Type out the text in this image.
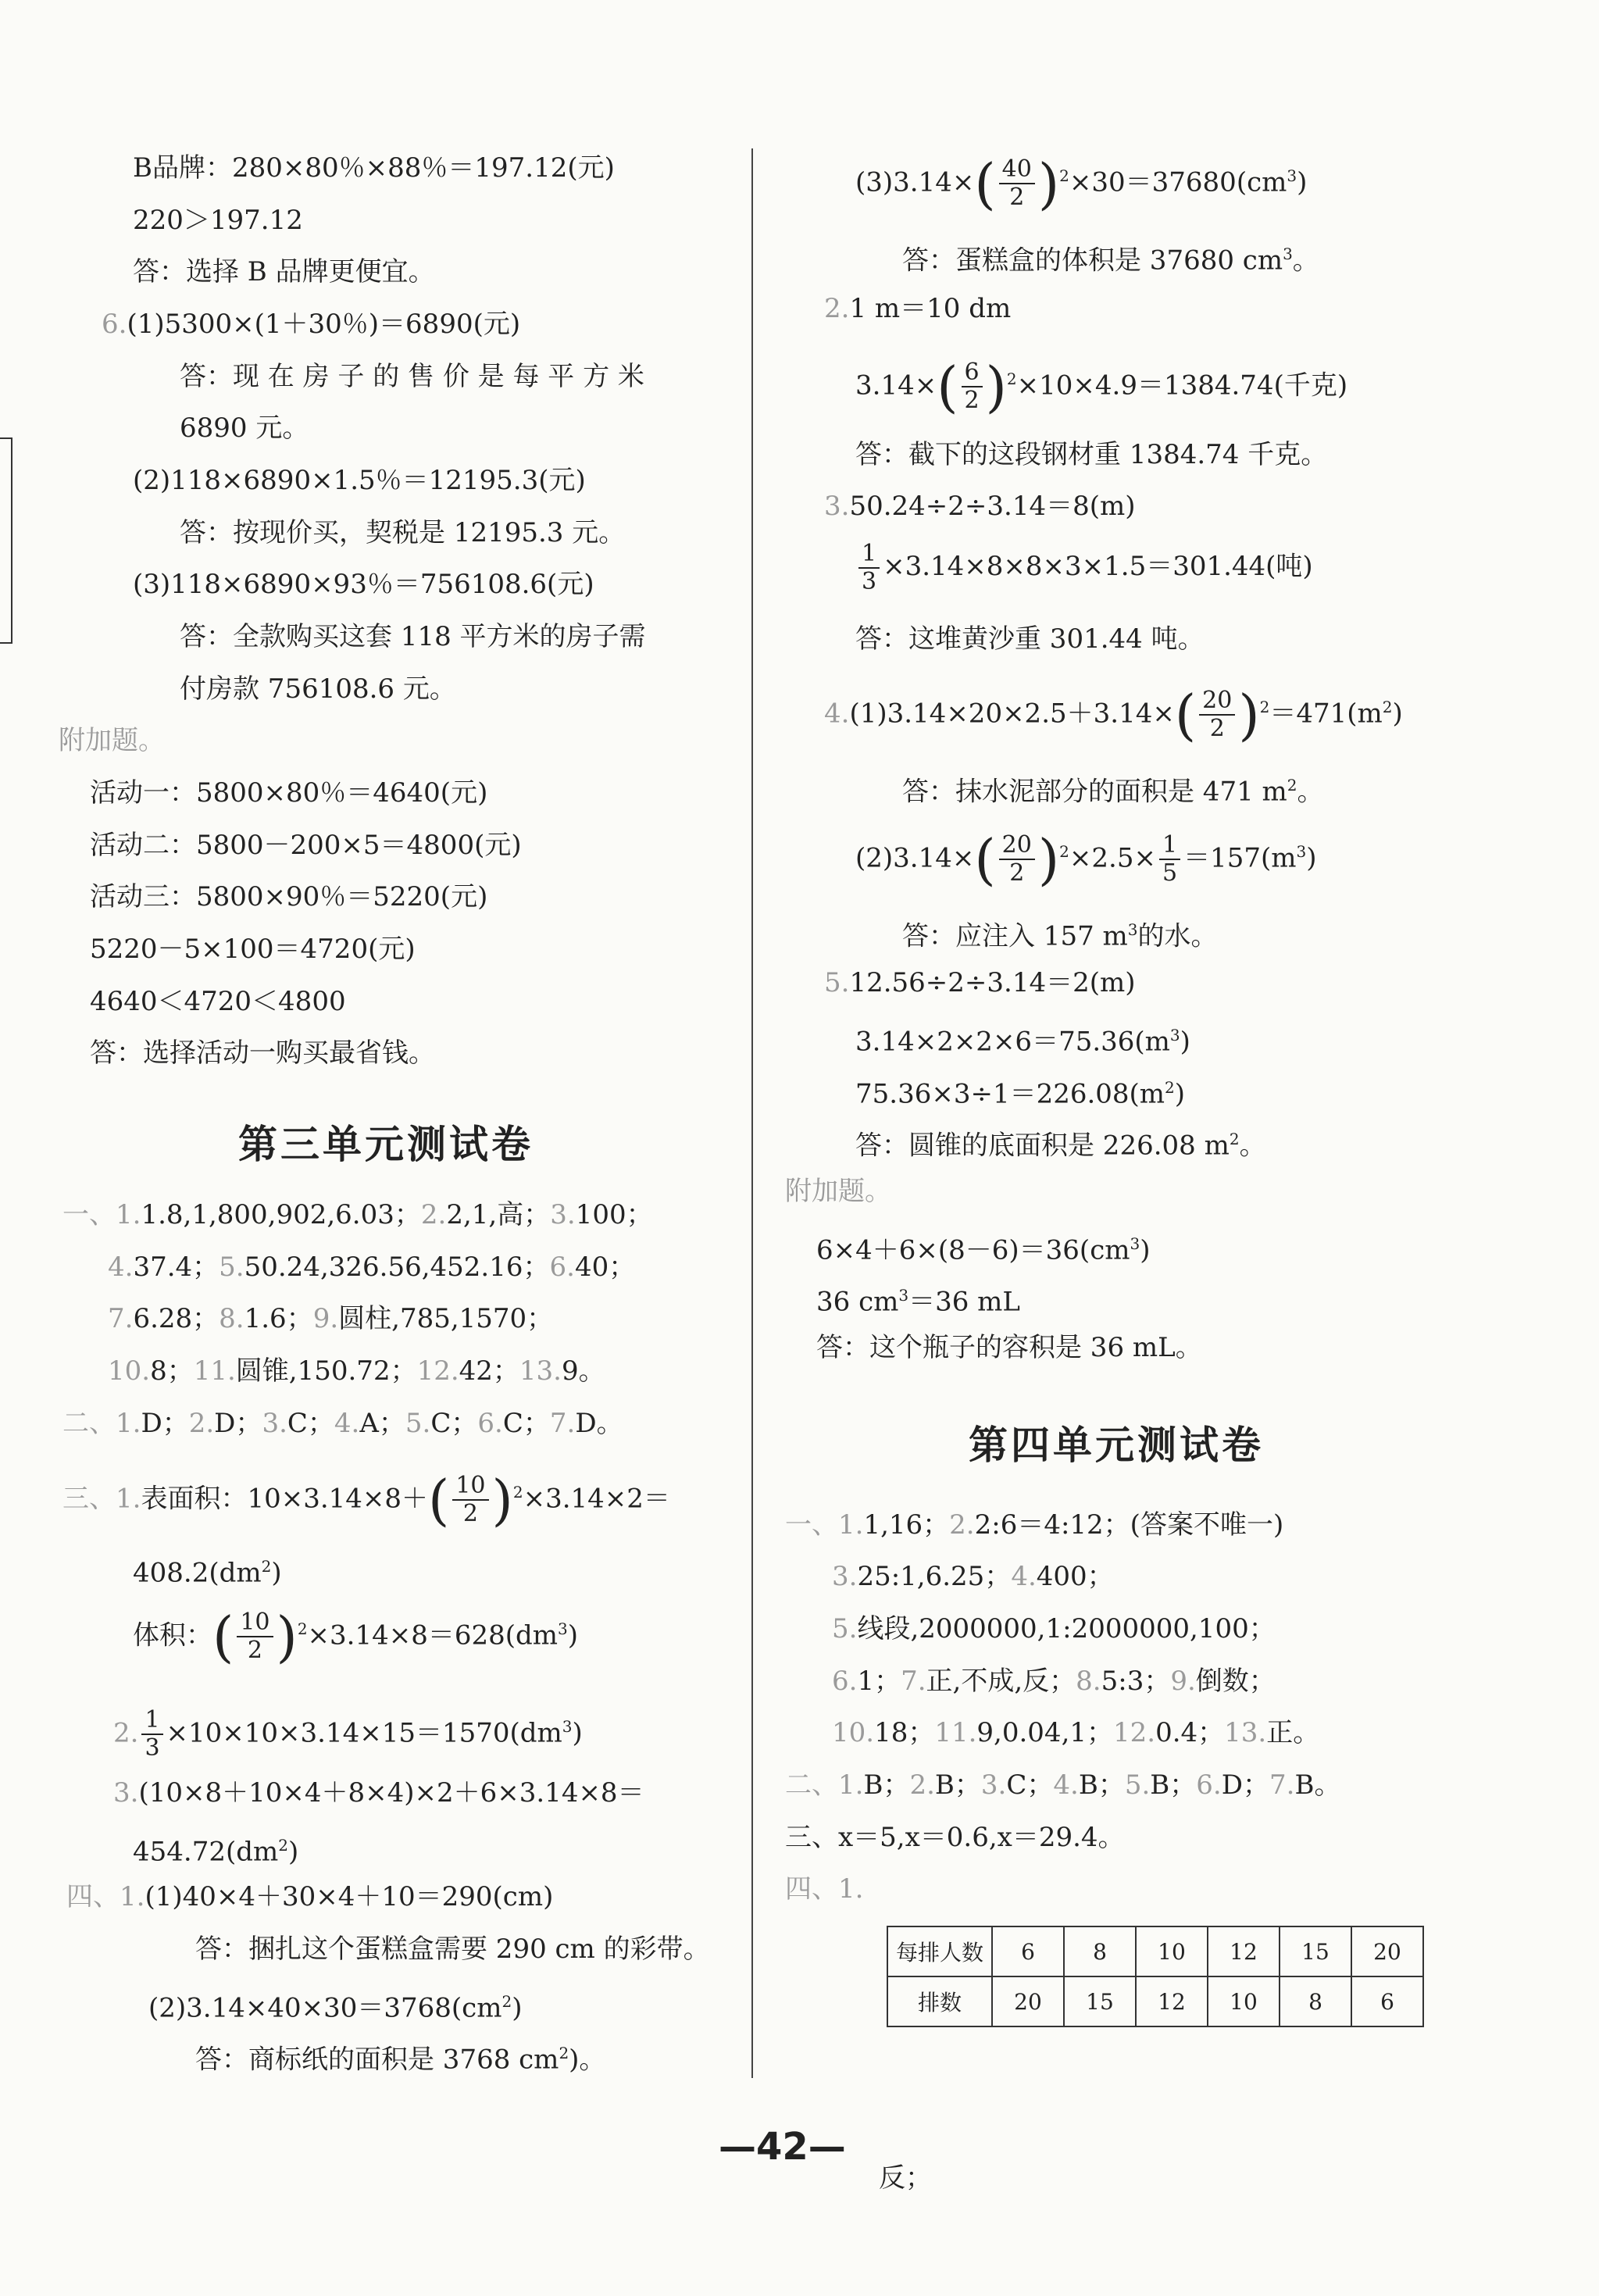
B品牌：280×80％×88％＝197.12(元)
220＞197.12
答：选择 B 品牌更便宜。
6.(1)5300×(1＋30％)＝6890(元)
答：现 在 房 子 的 售 价 是 每 平 方 米
6890 元。
(2)118×6890×1.5％＝12195.3(元)
答：按现价买，契税是 12195.3 元。
(3)118×6890×93％＝756108.6(元)
答：全款购买这套 118 平方米的房子需
付房款 756108.6 元。
附加题。
活动一：5800×80％＝4640(元)
活动二：5800－200×5＝4800(元)
活动三：5800×90％＝5220(元)
5220－5×100＝4720(元)
4640＜4720＜4800
答：选择活动一购买最省钱。
第三单元测试卷
一、1.1.8,1,800,902,6.03；2.2,1,高；3.100；
4.37.4；5.50.24,326.56,452.16；6.40；
7.6.28；8.1.6；9.圆柱,785,1570；
10.8；11.圆锥,150.72；12.42；13.9。
二、1.D；2.D；3.C；4.A；5.C；6.C；7.D。
三、1.表面积：$10\times 3.14\times 8+( \frac{10}{2} )^2\times 3.14\times 2=$
$408.2(dm^2)$
体积：( $\frac{10}{2} )^2\times 3.14\times 8=628(dm^3)$
2. $\frac{1}{3} \times 10\times 10\times 3.14\times 15=1570(dm^3)$
3.(10×8＋10×4＋8×4)×2＋6×3.14×8＝
$454.72(dm^2)$
四、1.(1)40×4＋30×4＋10＝290(cm)
答：捆扎这个蛋糕盒需要 290 cm 的彩带。
$(2)3.14\times 40\times 30=3768(cm^2)$
答：商标纸的面积是 3768 $cm^2$)。
$(3)3.14\times( \frac{40}{2} )^2\times 30=37680(cm^3)$
答：蛋糕盒的体积是 37680 $cm^3$。
2.1 m＝10 dm
$3.14\times( \frac{6}{2} )^2\times 10\times 4.9=1384.74$(千克)
答：截下的这段钢材重 1384.74 千克。
3.50.24÷2÷3.14＝8(m)
$\frac{1}{3} \times 3.14\times 8\times 8\times 3\times 1.5=301.44$(吨)
答：这堆黄沙重 301.44 吨。
$4.(1)3.14\times 20\times 2.5+3.14\times( \frac{20}{2} )^2=471(m^2)$
答：抹水泥部分的面积是 471 $m^2$。
$(2)3.14\times( \frac{20}{2} )^2\times 2.5\times \frac{1}{5} =157(m^3)$
答：应注入 157 $m^3$的水。
5.12.56÷2÷3.14＝2(m)
$3.14\times 2\times 2\times 6=75.36(m^3)$
$75.36\times 3\div 1=226.08(m^2)$
答：圆锥的底面积是 226.08 $m^2$。
附加题。
$6\times 4+6\times(8-6)=36(cm^3)$
36 $cm^3=36$ mL
答：这个瓶子的容积是 36 mL。
第四单元测试卷
一、1.1,16；2.2:6＝4:12；(答案不唯一)
3.25:1,6.25；4.400；
5.线段,2000000,1:2000000,100；
6.1；7.正,不成,反；8.5:3；9.倒数；
10.18；11.9,0.04,1；12.0.4；13.正。
二、1.B；2.B；3.C；4.B；5.B；6.D；7.B。
三、x＝5,x＝0.6,x＝29.4。
四、1.
反；
每排人数	6	8	10	12	15	20
排数	20	15	12	10	8	6
—42—
